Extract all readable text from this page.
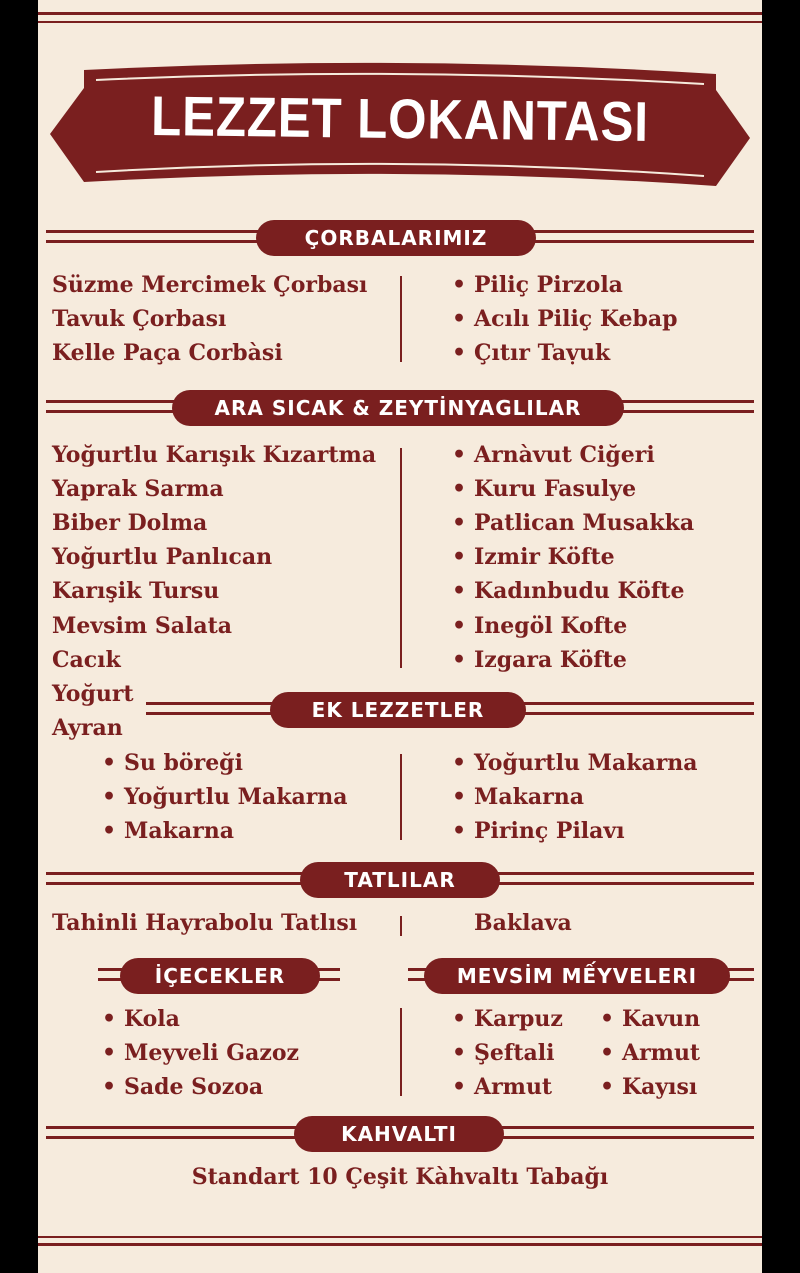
LEZZET LOKANTASI
ÇORBALARIMIZ
Süzme Mercimek Çorbası
Tavuk Çorbası
Kelle Paça Corbàsi
• Piliç Pirzola
• Acılı Piliç Kebap
• Çıtır Taṿuk
ARA SICAK & ZEYTİNYAGLILAR
Yoğurtlu Karışık Kızartma
Yaprak Sarma
Biber Dolma
Yoğurtlu Panlıcan
Karışik Tursu
Mevsim Salata
Cacık
Yoğurt
Ayran
• Arnàvut Ciğeri
• Kuru Fasulye
• Patlican Musakka
• Izmir Köfte
• Kadınbudu Köfte
• Inegöl Kofte
• Izgara Köfte
EK LEZZETLER
• Su böreği
• Yoğurtlu Makarna
• Makarna
• Yoğurtlu Makarna
• Makarna
• Pirinç Pilavı
TATLILAR
Tahinli Hayrabolu Tatlısı	Baklava
İÇECEKLER	MEVSİM MẾYVELERI
• Kola
• Meyveli Gazoz
• Sade Sozoa
• Karpuz
• Şeftali
• Armut
• Kavun
• Armut
• Kayısı
KAHVALTI
Standart 10 Çeşit Kàhvaltı Tabağı
